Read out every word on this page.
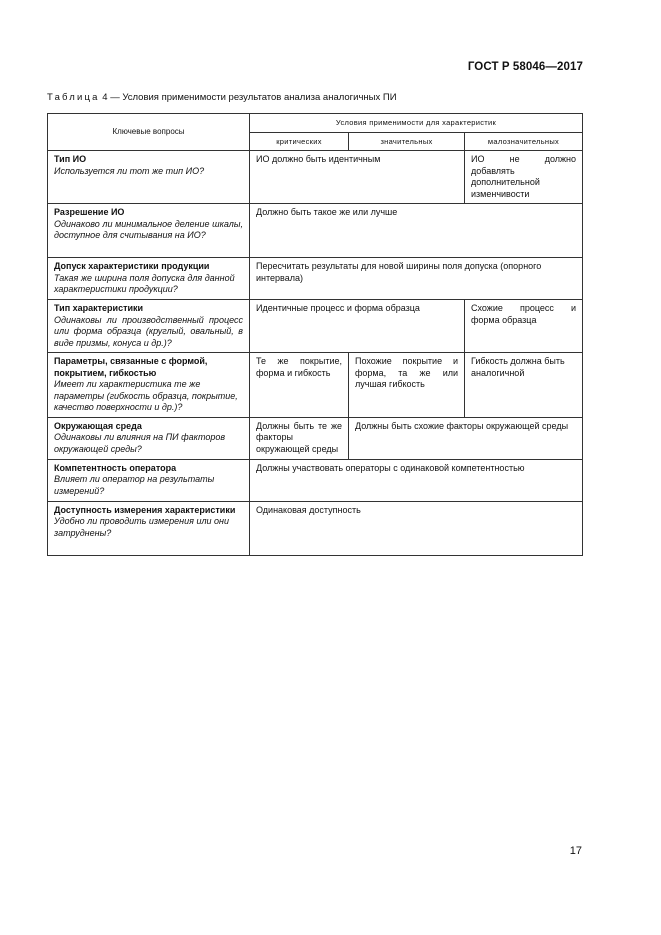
ГОСТ Р 58046—2017
Таблица 4 — Условия применимости результатов анализа аналогичных ПИ
Ключевые вопросы	Условия применимости для характеристик		
	критических	значительных	малозначительных

Тип ИО
Используется ли тот же тип ИО?	ИО должно быть идентичным		ИО не должно добавлять дополнительной изменчивости

Разрешение ИО
Одинаково ли минимальное деление шкалы, доступное для считывания на ИО?	Должно быть такое же или лучше		

Допуск характеристики продукции
Такая же ширина поля допуска для данной характеристики продукции?	Пересчитать результаты для новой ширины поля допуска (опорного интервала)		

Тип характеристики
Одинаковы ли производственный процесс или форма образца (круглый, овальный, в виде призмы, конуса и др.)?	Идентичные процесс и форма образца		Схожие процесс и форма образца

Параметры, связанные с формой, покрытием, гибкостью
Имеет ли характеристика те же параметры (гибкость образца, покрытие, качество поверхности и др.)?	Те же покрытие, форма и гибкость	Похожие покрытие и форма, та же или лучшая гибкость	Гибкость должна быть аналогичной

Окружающая среда
Одинаковы ли влияния на ПИ факторов окружающей среды?	Должны быть те же факторы окружающей среды	Должны быть схожие факторы окружающей среды	

Компетентность оператора
Влияет ли оператор на результаты измерений?	Должны участвовать операторы с одинаковой компетентностью		

Доступность измерения характеристики
Удобно ли проводить измерения или они затруднены?	Одинаковая доступность		
17
